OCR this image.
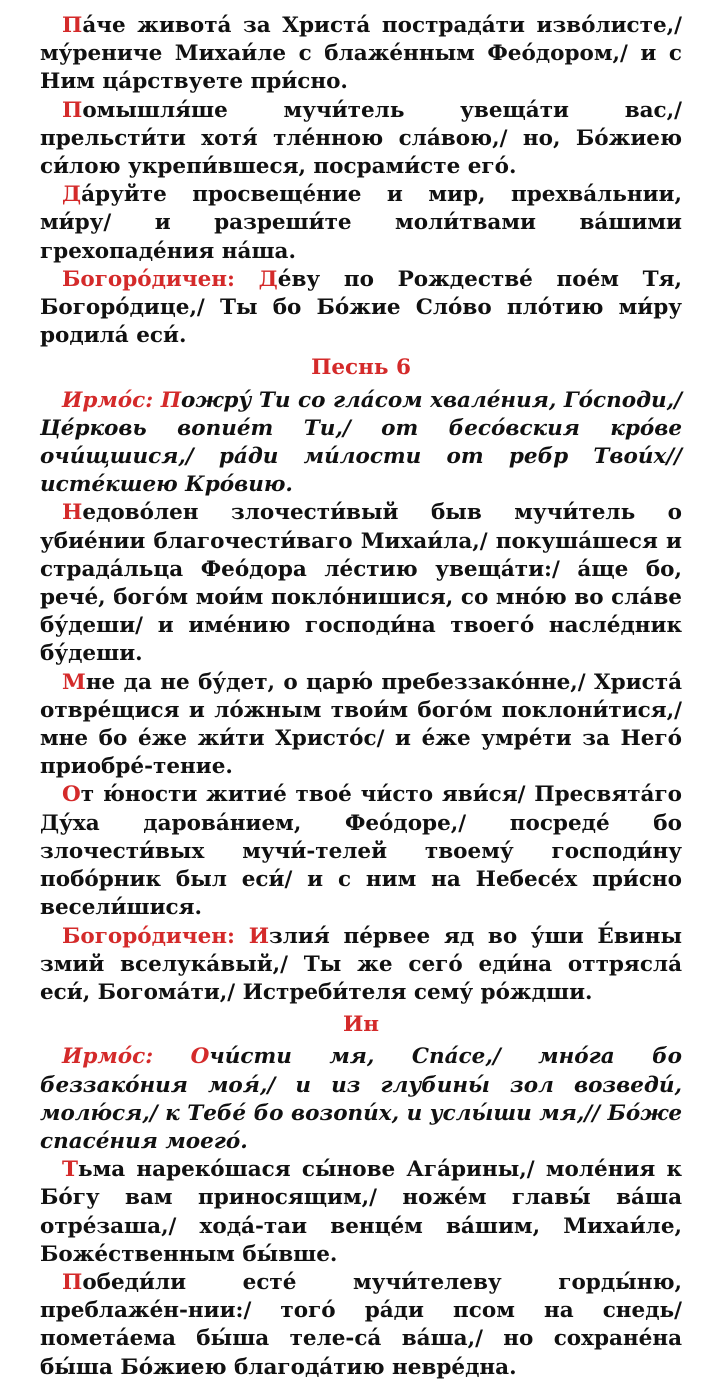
Па́че живота́ за Христа́ пострада́ти изво́листе,/ му́рениче Михаи́ле с блаже́нным Фео́дором,/ и с Ним ца́рствуете при́сно.

Помышля́ше мучи́тель увеща́ти вас,/ прельсти́ти хотя́ тле́нною сла́вою,/ но, Бо́жиею си́лою укрепи́вшеся, посрами́сте его́.

Да́руйте просвеще́ние и мир, прехва́льнии, ми́ру/ и разреши́те моли́твами ва́шими грехопаде́ния на́ша.

Богоро́дичен: Де́ву по Рождестве́ пое́м Тя, Богоро́дице,/ Ты бо Бо́жие Сло́во пло́тию ми́ру родила́ еси́.

Песнь 6

Ирмо́с: Пожру́ Ти со гла́сом хвале́ния, Го́споди,/ Це́рковь вопие́т Ти,/ от бесо́вския кро́ве очи́щшися,/ ра́ди ми́лости от ребр Твои́х// исте́кшею Кро́вию.

Недово́лен злочести́вый быв мучи́тель о убие́нии благочести́ваго Михаи́ла,/ покуша́шеся и страда́льца Фео́дора ле́стию увеща́ти:/ а́ще бо, рече́, бого́м мои́м покло́нишися, со мно́ю во сла́ве бу́деши/ и име́нию господи́на твоего́ насле́дник бу́деши.

Мне да не бу́дет, о царю́ пребеззако́нне,/ Христа́ отвре́щися и ло́жным твои́м бого́м поклони́тися,/ мне бо е́же жи́ти Христо́с/ и е́же умре́ти за Него́ приобре́-тение.

От ю́ности житие́ твое́ чи́сто яви́ся/ Пресвята́го Ду́ха дарова́нием, Фео́доре,/ посреде́ бо злочести́вых мучи́-телей твоему́ господи́ну побо́рник был еси́/ и с ним на Небесе́х при́сно весели́шися.

Богоро́дичен: Излия́ пе́рвее яд во у́ши Е́вины змий вселука́вый,/ Ты же сего́ еди́на оттрясла́ еси́, Богома́ти,/ Истреби́теля сему́ ро́ждши.

Ин

Ирмо́с: Очи́сти мя, Спа́се,/ мно́га бо беззако́ния моя́,/ и из глубины́ зол возведи́, молю́ся,/ к Тебе́ бо возопи́х, и услы́ши мя,// Бо́же спасе́ния моего́.

Тьма нареко́шася сы́нове Ага́рины,/ моле́ния к Бо́гу вам приносящим,/ ноже́м главы́ ва́ша отре́заша,/ хода́-таи венце́м ва́шим, Михаи́ле, Боже́ственным бы́вше.

Победи́ли есте́ мучи́телеву горды́ню, преблаже́н-нии:/ того́ ра́ди псом на снедь/ помета́ема бы́ша теле-са́ ва́ша,/ но сохране́на бы́ша Бо́жиею благода́тию невре́дна.
